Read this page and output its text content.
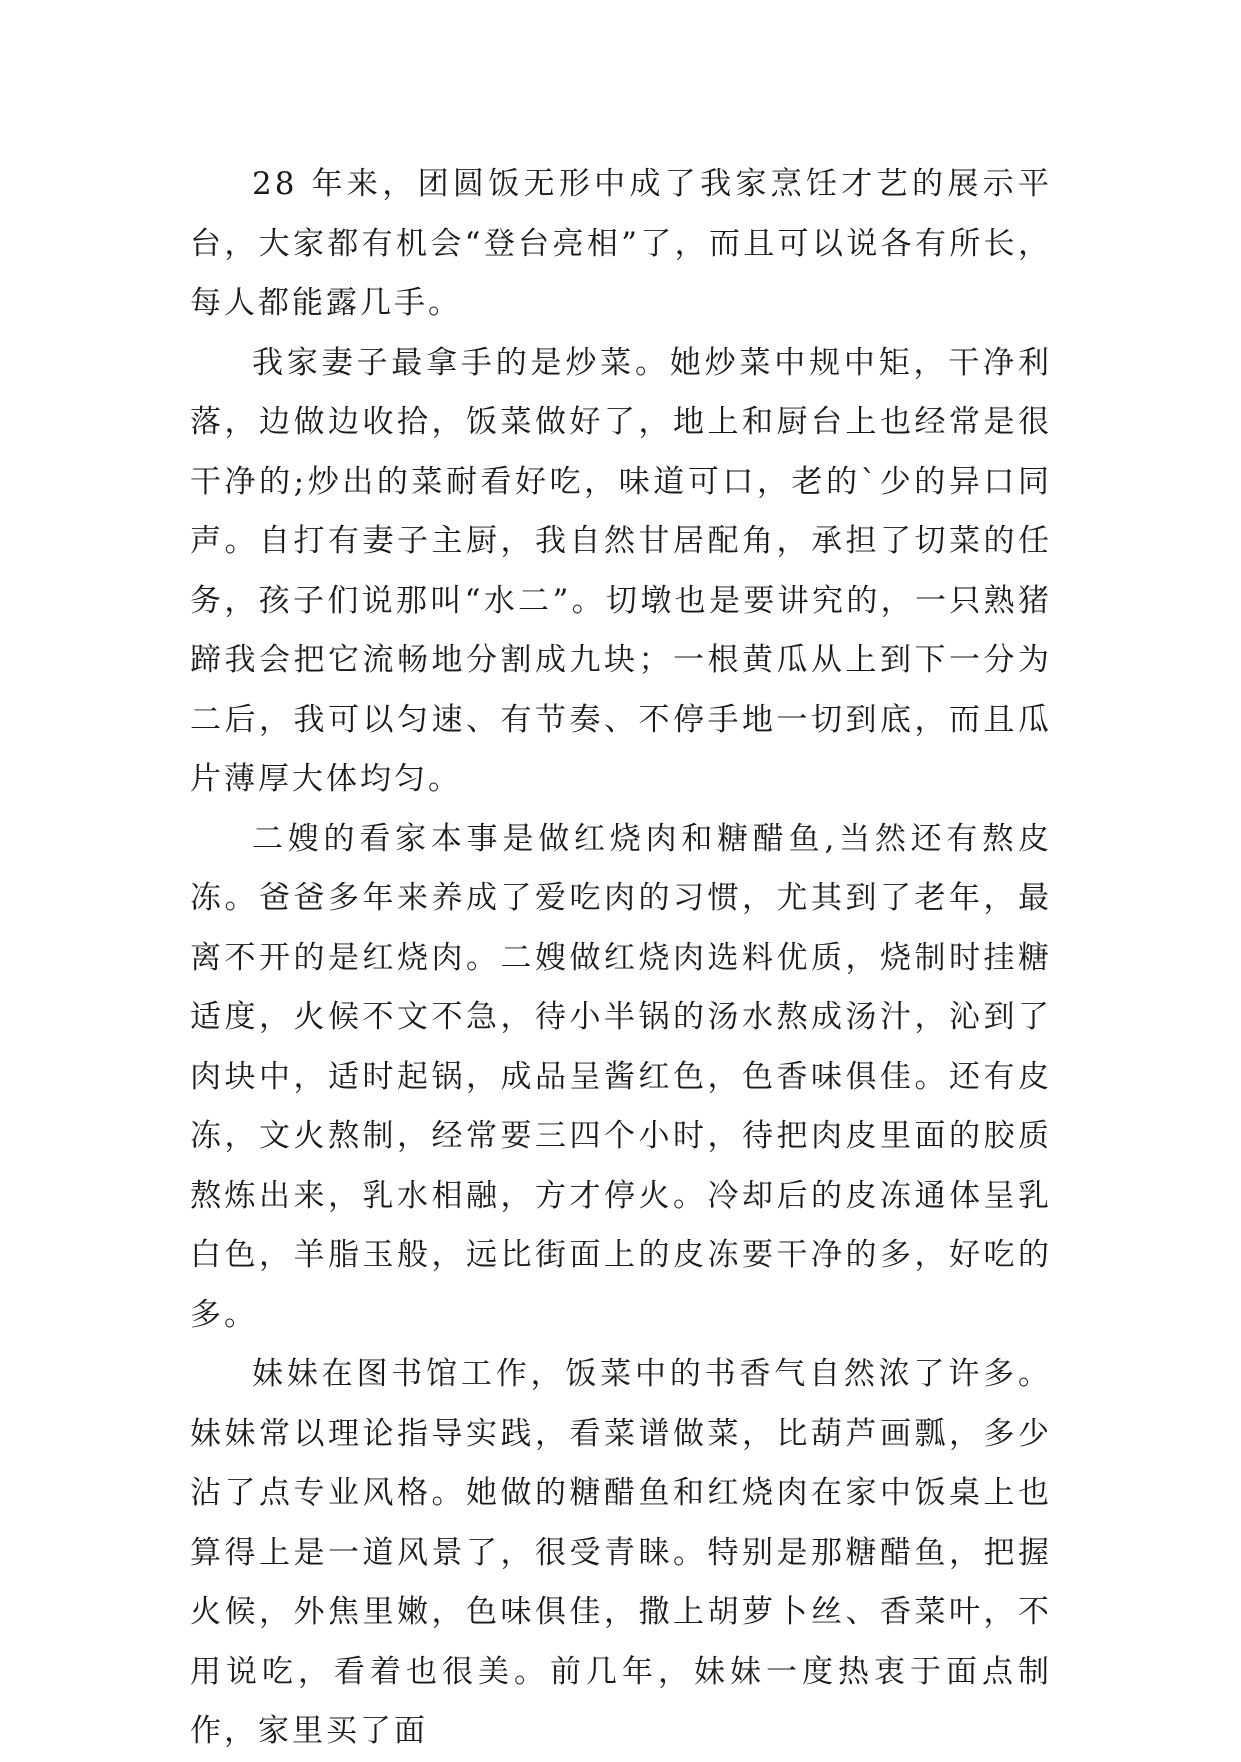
28 年来，团圆饭无形中成了我家烹饪才艺的展示平台，大家都有机会“登台亮相”了，而且可以说各有所长，每人都能露几手。

我家妻子最拿手的是炒菜。她炒菜中规中矩，干净利落，边做边收拾，饭菜做好了，地上和厨台上也经常是很干净的;炒出的菜耐看好吃，味道可口，老的`少的异口同声。自打有妻子主厨，我自然甘居配角，承担了切菜的任务，孩子们说那叫“水二”。切墩也是要讲究的，一只熟猪蹄我会把它流畅地分割成九块；一根黄瓜从上到下一分为二后，我可以匀速、有节奏、不停手地一切到底，而且瓜片薄厚大体均匀。

二嫂的看家本事是做红烧肉和糖醋鱼,当然还有熬皮冻。爸爸多年来养成了爱吃肉的习惯，尤其到了老年，最离不开的是红烧肉。二嫂做红烧肉选料优质，烧制时挂糖适度，火候不文不急，待小半锅的汤水熬成汤汁，沁到了肉块中，适时起锅，成品呈酱红色，色香味俱佳。还有皮冻，文火熬制，经常要三四个小时，待把肉皮里面的胶质熬炼出来，乳水相融，方才停火。冷却后的皮冻通体呈乳白色，羊脂玉般，远比街面上的皮冻要干净的多，好吃的多。

妹妹在图书馆工作，饭菜中的书香气自然浓了许多。妹妹常以理论指导实践，看菜谱做菜，比葫芦画瓢，多少沾了点专业风格。她做的糖醋鱼和红烧肉在家中饭桌上也算得上是一道风景了，很受青睐。特别是那糖醋鱼，把握火候，外焦里嫩，色味俱佳，撒上胡萝卜丝、香菜叶，不用说吃，看着也很美。前几年，妹妹一度热衷于面点制作，家里买了面
